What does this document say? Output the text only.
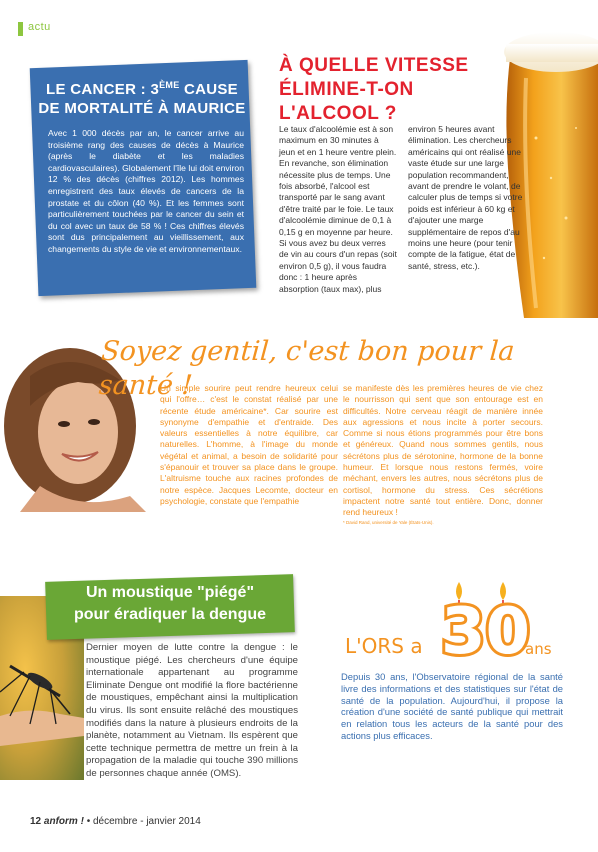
actu
LE CANCER : 3ÈME CAUSE
DE MORTALITÉ À MAURICE
Avec 1 000 décès par an, le cancer arrive au troisième rang des causes de décès à Maurice (après le diabète et les maladies cardiovasculaires). Globalement l'île lui doit environ 12 % des décès (chiffres 2012). Les hommes enregistrent des taux élevés de cancers de la prostate et du côlon (40 %). Et les femmes sont particulièrement touchées par le cancer du sein et du col avec un taux de 58 % ! Ces chiffres élevés sont dus principalement au vieillissement, aux changements du style de vie et environnementaux.
À QUELLE VITESSE
ÉLIMINE-T-ON L'ALCOOL ?
Le taux d'alcoolémie est à son maximum en 30 minutes à jeun et en 1 heure ventre plein. En revanche, son élimination nécessite plus de temps. Une fois absorbé, l'alcool est transporté par le sang avant d'être traité par le foie. Le taux d'alcoolémie diminue de 0,1 à 0,15 g en moyenne par heure. Si vous avez bu deux verres de vin au cours d'un repas (soit environ 0,5 g), il vous faudra donc : 1 heure après absorption (taux max), plus
environ 5 heures avant élimination. Les chercheurs américains qui ont réalisé une vaste étude sur une large population recommandent, avant de prendre le volant, de calculer plus de temps si votre poids est inférieur à 60 kg et d'ajouter une marge supplémentaire de repos d'au moins une heure (pour tenir compte de la fatigue, état de santé, stress, etc.).
Soyez gentil, c'est bon pour la santé !
Un simple sourire peut rendre heureux celui qui l'offre… c'est le constat réalisé par une récente étude américaine*. Car sourire est synonyme d'empathie et d'entraide. Des valeurs essentielles à notre équilibre, car naturelles. L'homme, à l'image du monde végétal et animal, a besoin de solidarité pour s'épanouir et trouver sa place dans le groupe. L'altruisme touche aux racines profondes de notre espèce. Jacques Lecomte, docteur en psychologie, constate que l'empathie
se manifeste dès les premières heures de vie chez le nourrisson qui sent que son entourage est en difficultés. Notre cerveau réagit de manière innée aux agressions et nous incite à porter secours. Comme si nous étions programmés pour être bons et généreux. Quand nous sommes gentils, nous sécrétons plus de sérotonine, hormone de la bonne humeur. Et lorsque nous restons fermés, voire méchant, envers les autres, nous sécrétons plus de cortisol, hormone du stress. Ces sécrétions impactent notre santé tout entière. Donc, donner rend heureux !
* David Rand, université de Yale (États-Unis).
Un moustique "piégé"
pour éradiquer la dengue
Dernier moyen de lutte contre la dengue : le moustique piégé. Les chercheurs d'une équipe internationale appartenant au programme Eliminate Dengue ont modifié la flore bactérienne de moustiques, empêchant ainsi la multiplication du virus. Ils sont ensuite relâché des moustiques modifiés dans la nature à plusieurs endroits de la planète, notamment au Vietnam. Ils espèrent que cette technique permettra de mettre un frein à la propagation de la maladie qui touche 390 millions de personnes chaque année (OMS).
L'ORS a 30
ans
Depuis 30 ans, l'Observatoire régional de la santé livre des informations et des statistiques sur l'état de santé de la population. Aujourd'hui, il propose la création d'une société de santé publique qui mettrait en relation tous les acteurs de la santé pour des actions plus efficaces.
12 anform ! • décembre - janvier 2014
